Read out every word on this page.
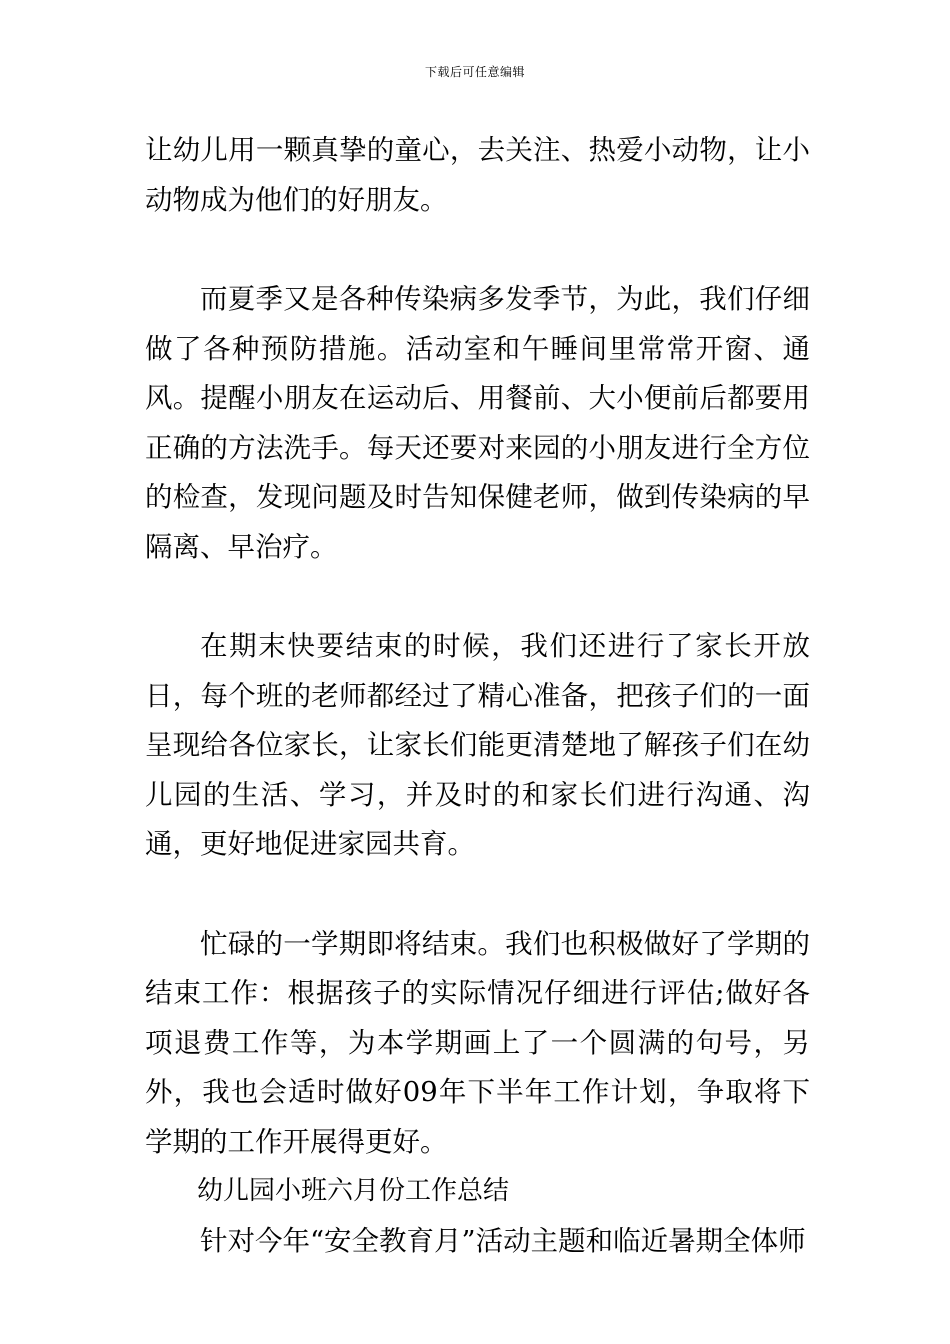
下载后可任意编辑

让幼儿用一颗真挚的童心，去关注、热爱小动物，让小动物成为他们的好朋友。

而夏季又是各种传染病多发季节，为此，我们仔细做了各种预防措施。活动室和午睡间里常常开窗、通风。提醒小朋友在运动后、用餐前、大小便前后都要用正确的方法洗手。每天还要对来园的小朋友进行全方位的检查，发现问题及时告知保健老师，做到传染病的早隔离、早治疗。

在期末快要结束的时候，我们还进行了家长开放日，每个班的老师都经过了精心准备，把孩子们的一面呈现给各位家长，让家长们能更清楚地了解孩子们在幼儿园的生活、学习，并及时的和家长们进行沟通、沟通，更好地促进家园共育。

忙碌的一学期即将结束。我们也积极做好了学期的结束工作：根据孩子的实际情况仔细进行评估;做好各项退费工作等，为本学期画上了一个圆满的句号，另外，我也会适时做好09年下半年工作计划，争取将下学期的工作开展得更好。

幼儿园小班六月份工作总结

针对今年“安全教育月”活动主题和临近暑期全体师
